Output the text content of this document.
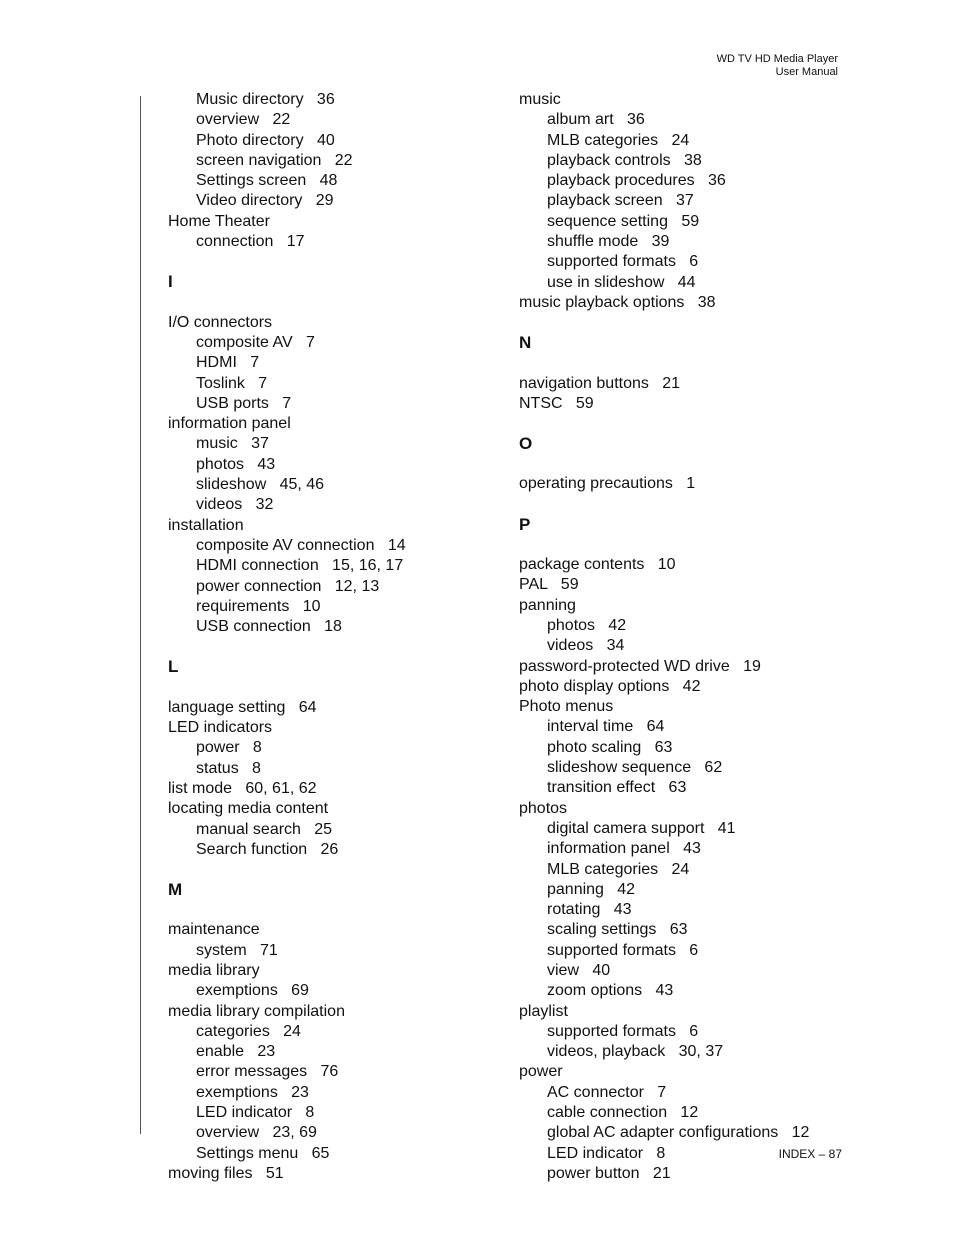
WD TV HD Media Player
User Manual
Music directory   36
overview   22
Photo directory   40
screen navigation   22
Settings screen   48
Video directory   29
Home Theater
connection   17
I
I/O connectors
composite AV   7
HDMI   7
Toslink   7
USB ports   7
information panel
music   37
photos   43
slideshow   45, 46
videos   32
installation
composite AV connection   14
HDMI connection   15, 16, 17
power connection   12, 13
requirements   10
USB connection   18
L
language setting   64
LED indicators
power   8
status   8
list mode   60, 61, 62
locating media content
manual search   25
Search function   26
M
maintenance
system   71
media library
exemptions   69
media library compilation
categories   24
enable   23
error messages   76
exemptions   23
LED indicator   8
overview   23, 69
Settings menu   65
moving files   51
music
album art   36
MLB categories   24
playback controls   38
playback procedures   36
playback screen   37
sequence setting   59
shuffle mode   39
supported formats   6
use in slideshow   44
music playback options   38
N
navigation buttons   21
NTSC   59
O
operating precautions   1
P
package contents   10
PAL   59
panning
photos   42
videos   34
password-protected WD drive   19
photo display options   42
Photo menus
interval time   64
photo scaling   63
slideshow sequence   62
transition effect   63
photos
digital camera support   41
information panel   43
MLB categories   24
panning   42
rotating   43
scaling settings   63
supported formats   6
view   40
zoom options   43
playlist
supported formats   6
videos, playback   30, 37
power
AC connector   7
cable connection   12
global AC adapter configurations   12
LED indicator   8
power button   21
INDEX – 87
